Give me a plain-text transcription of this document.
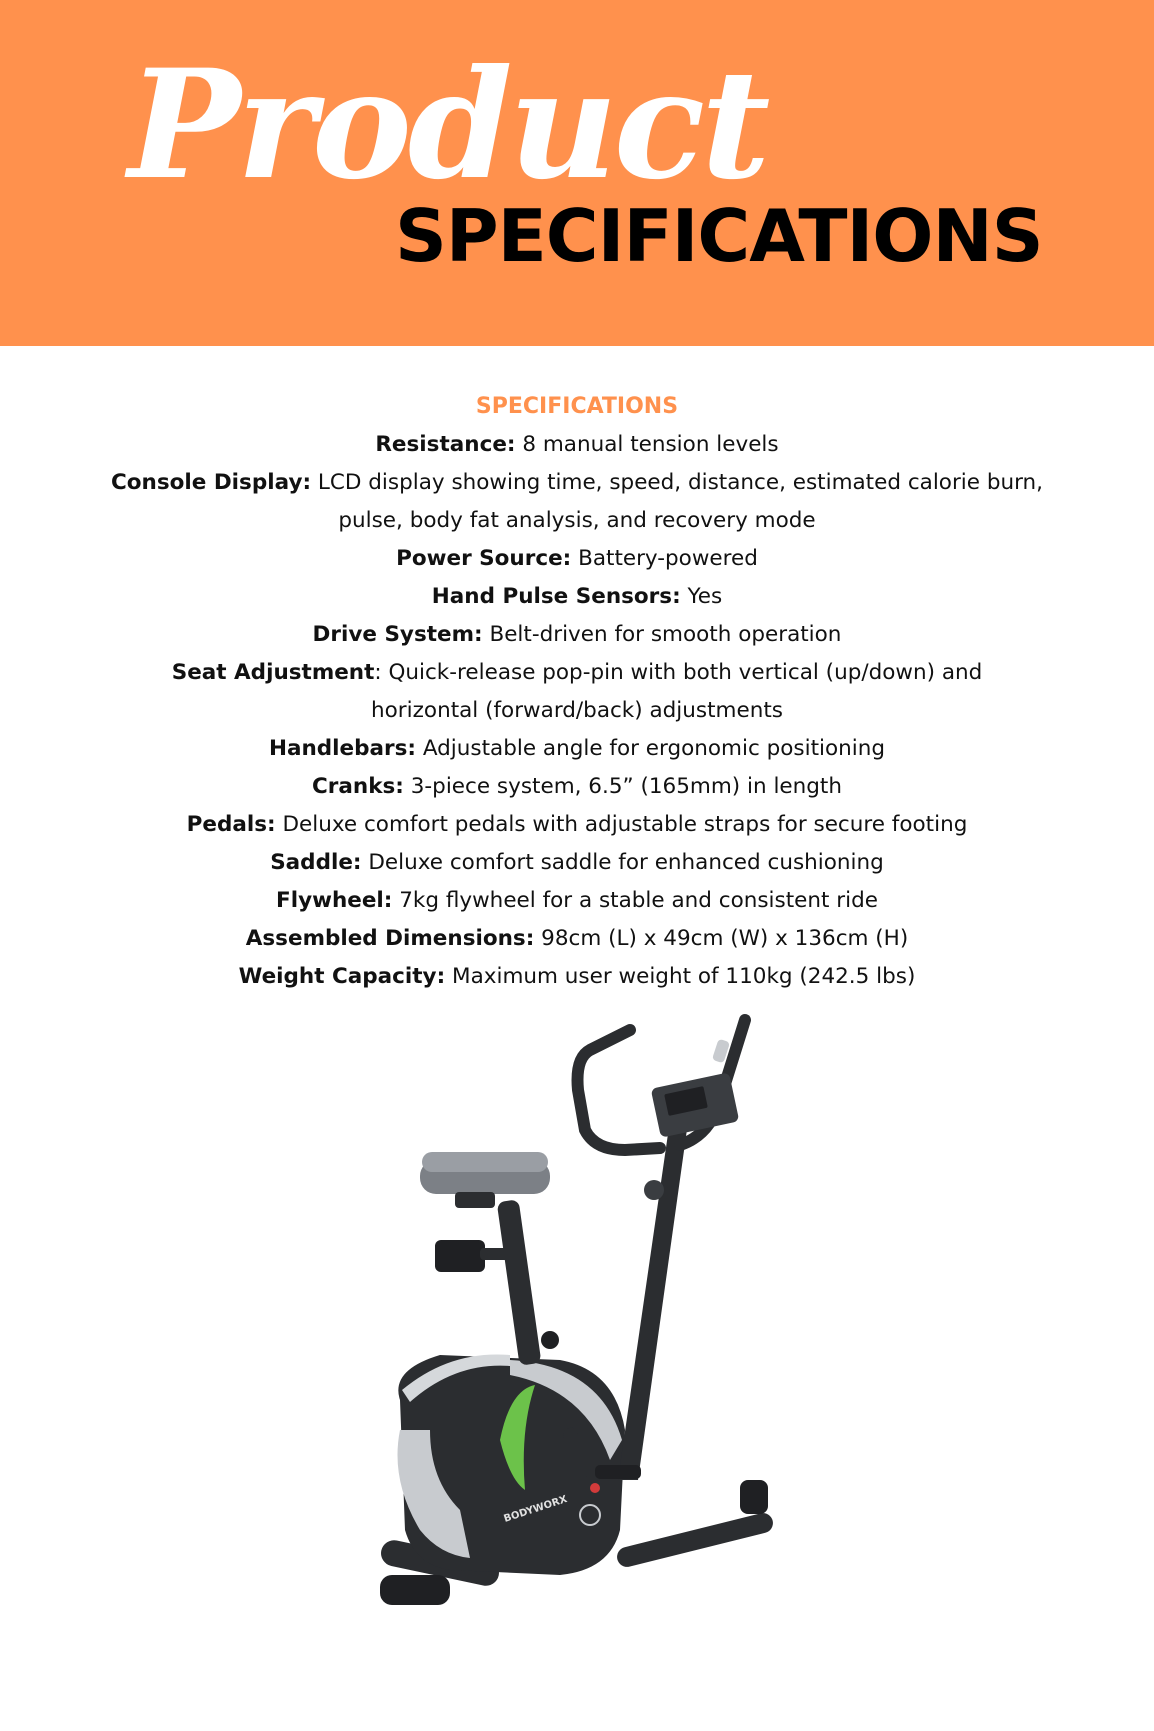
Product
SPECIFICATIONS
SPECIFICATIONS

Resistance: 8 manual tension levels

Console Display: LCD display showing time, speed, distance, estimated calorie burn, pulse, body fat analysis, and recovery mode

Power Source: Battery-powered

Hand Pulse Sensors: Yes

Drive System: Belt-driven for smooth operation

Seat Adjustment: Quick-release pop-pin with both vertical (up/down) and horizontal (forward/back) adjustments

Handlebars: Adjustable angle for ergonomic positioning

Cranks: 3-piece system, 6.5” (165mm) in length

Pedals: Deluxe comfort pedals with adjustable straps for secure footing

Saddle: Deluxe comfort saddle for enhanced cushioning

Flywheel: 7kg flywheel for a stable and consistent ride

Assembled Dimensions: 98cm (L) x 49cm (W) x 136cm (H)

Weight Capacity: Maximum user weight of 110kg (242.5 lbs)

BODYWORX
